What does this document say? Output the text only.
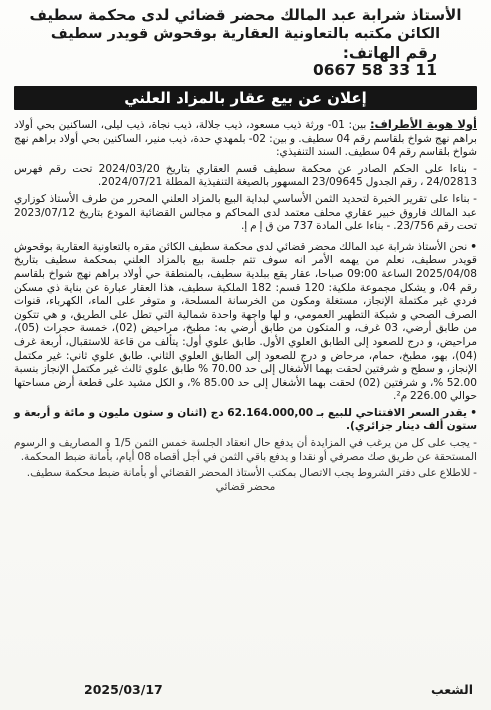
الأستاذ شرابة عبد المالك محضر قضائي لدى محكمة سطيف
الكائن مكتبه بالتعاونية العقارية بوقحوش قويدر سطيف
رقم الهاتف:
0667 58 33 11
إعلان عن بيع عقار بالمزاد العلني

أولا هوية الأطراف: بين: 01- ورثة ذيب مسعود، ذيب جلالة، ذيب نجاة، ذيب ليلى، الساكنين بحي أولاد براهم نهج شواخ بلقاسم رقم 04 سطيف. و بين: 02- بلمهدي حدة، ذيب منير، الساكنين بحي أولاد براهم نهج شواخ بلقاسم رقم 04 سطيف. السند التنفيذي:

- بناءا على الحكم الصادر عن محكمة سطيف قسم العقاري بتاريخ 2024/03/20 تحت رقم فهرس 24/02813 ، رقم الجدول 23/09645 المسهور بالصيغة التنفيذية المطلة 2024/07/21.

- بناءا على تقرير الخبرة لتحديد الثمن الأساسي لبداية البيع بالمزاد العلني المحرر من طرف الأستاذ كوزاري عبد المالك فاروق خبير عقاري محلف معتمد لدى المحاكم و مجالس القضائية المودع بتاريخ 2023/07/12 تحت رقم 23/756. - بناءا على المادة 737 من ق إ م إ.

• نحن الأستاذ شرابة عبد المالك محضر قضائي لدى محكمة سطيف الكائن مقره بالتعاونية العقارية بوقحوش قويدر سطيف، نعلم من يهمه الأمر انه سوف تتم جلسة بيع بالمزاد العلني بمحكمة سطيف بتاريخ 2025/04/08 الساعة 09:00 صباحا، عقار يقع ببلدية سطيف، بالمنطقة حي أولاد براهم نهج شواخ بلقاسم رقم 04، و يشكل مجموعة ملكية: 120 قسم: 182 الملكية سطيف، هذا العقار عبارة عن بناية ذي مسكن فردي غير مكتملة الإنجاز، مستغلة ومكون من الخرسانة المسلحة، و متوفر على الماء، الكهرباء، قنوات الصرف الصحي و شبكة التطهير العمومي، و لها واجهة واحدة شمالية التي تطل على الطريق، و هي تتكون من طابق أرضي، 03 غرف، و المتكون من طابق أرضي به: مطبخ، مراحيض (02)، خمسة حجرات (05)، مراحيض، و درج للصعود إلى الطابق العلوي الأول. طابق علوي أول: يتألف من قاعة للاستقبال، أربعة غرف (04)، بهو، مطبخ، حمام، مرحاض و درج للصعود إلى الطابق العلوي الثاني. طابق علوي ثاني: غير مكتمل الإنجاز، و سطح و شرفتين لحقت بهما الأشغال إلى حد 70.00 % طابق علوي ثالث غير مكتمل الإنجاز بنسبة 52.00 %، و شرفتين (02) لحقت بهما الأشغال إلى حد 85.00 %، و الكل مشيد على قطعة أرض مساحتها حوالي 226.00 م².

• يقدر السعر الافتتاحي للبيع بـ 62.164.000,00 دج (اثنان و ستون مليون و مائة و أربعة و ستون ألف دينار جزائري).

- يجب على كل من يرغب في المزايدة أن يدفع حال انعقاد الجلسة خمس الثمن 1/5 و المصاريف و الرسوم المستحقة عن طريق صك مصرفي أو نقدا و يدفع باقي الثمن في أجل أقصاه 08 أيام، بأمانة ضبط المحكمة.

- للاطلاع على دفتر الشروط يجب الاتصال بمكتب الأستاذ المحضر القضائي أو بأمانة ضبط محكمة سطيف.

محضر قضائي

الشعب
2025/03/17
